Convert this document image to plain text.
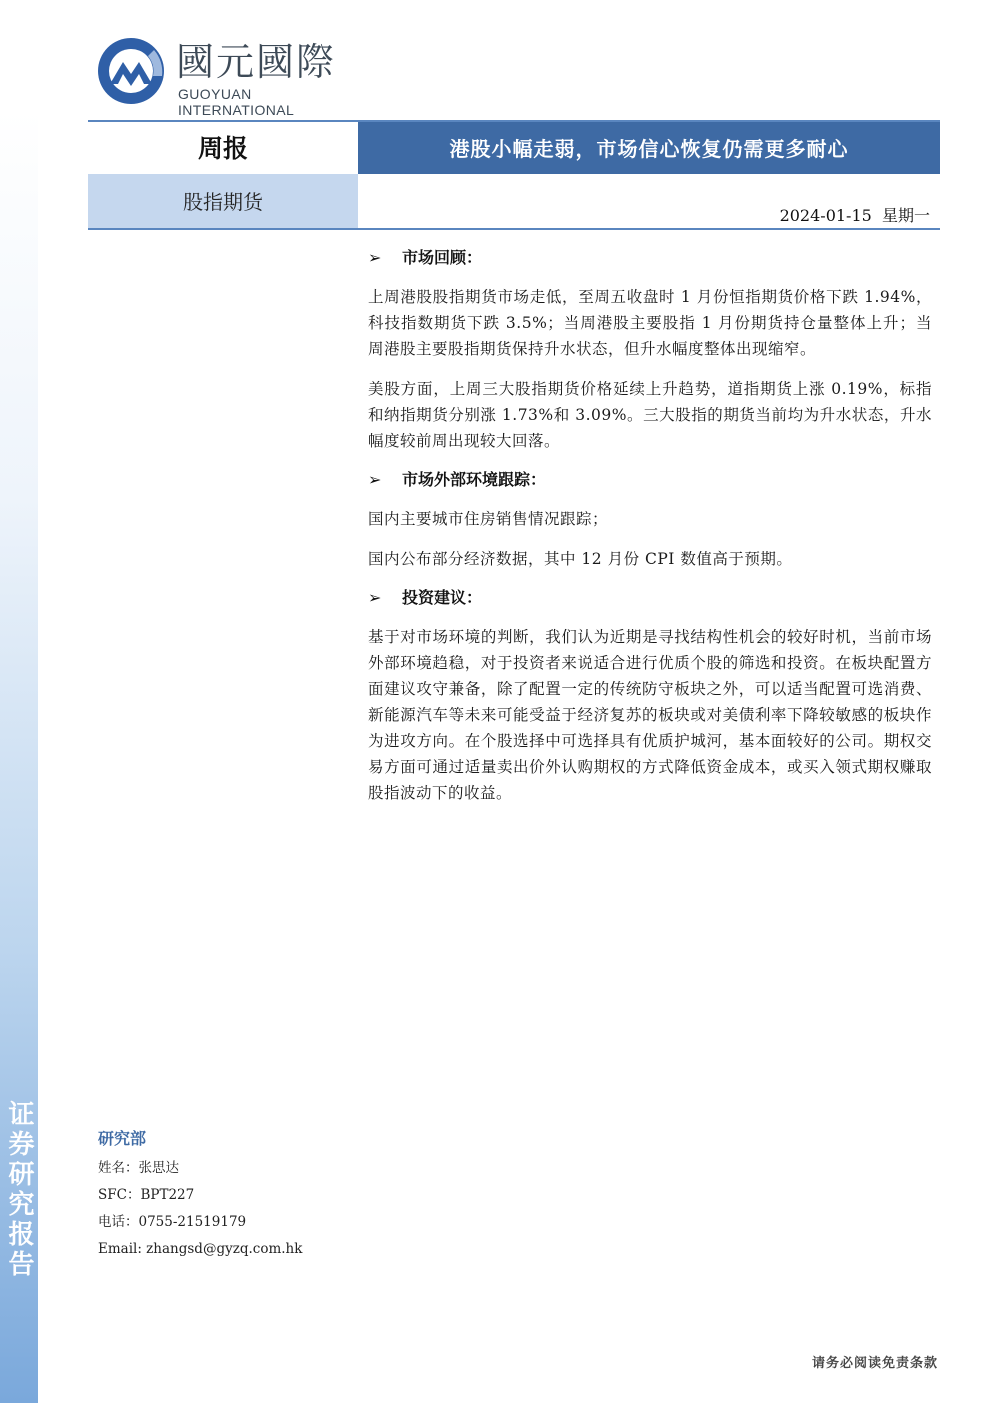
证券研究报告
國元國際
GUOYUAN INTERNATIONAL
周报	港股小幅走弱，市场信心恢复仍需更多耐心
股指期货
2024-01-15  星期一
➢ 市场回顾：

上周港股股指期货市场走低，至周五收盘时 1 月份恒指期货价格下跌 1.94%，科技指数期货下跌 3.5%；当周港股主要股指 1 月份期货持仓量整体上升；当周港股主要股指期货保持升水状态，但升水幅度整体出现缩窄。

美股方面，上周三大股指期货价格延续上升趋势，道指期货上涨 0.19%，标指和纳指期货分别涨 1.73%和 3.09%。三大股指的期货当前均为升水状态，升水幅度较前周出现较大回落。

➢ 市场外部环境跟踪：

国内主要城市住房销售情况跟踪；

国内公布部分经济数据，其中 12 月份 CPI 数值高于预期。

➢ 投资建议：

基于对市场环境的判断，我们认为近期是寻找结构性机会的较好时机，当前市场外部环境趋稳，对于投资者来说适合进行优质个股的筛选和投资。在板块配置方面建议攻守兼备，除了配置一定的传统防守板块之外，可以适当配置可选消费、新能源汽车等未来可能受益于经济复苏的板块或对美债利率下降较敏感的板块作为进攻方向。在个股选择中可选择具有优质护城河，基本面较好的公司。期权交易方面可通过适量卖出价外认购期权的方式降低资金成本，或买入领式期权赚取股指波动下的收益。

研究部
姓名：张思达
SFC：BPT227
电话：0755-21519179
Email: zhangsd@gyzq.com.hk
请务必阅读免责条款
